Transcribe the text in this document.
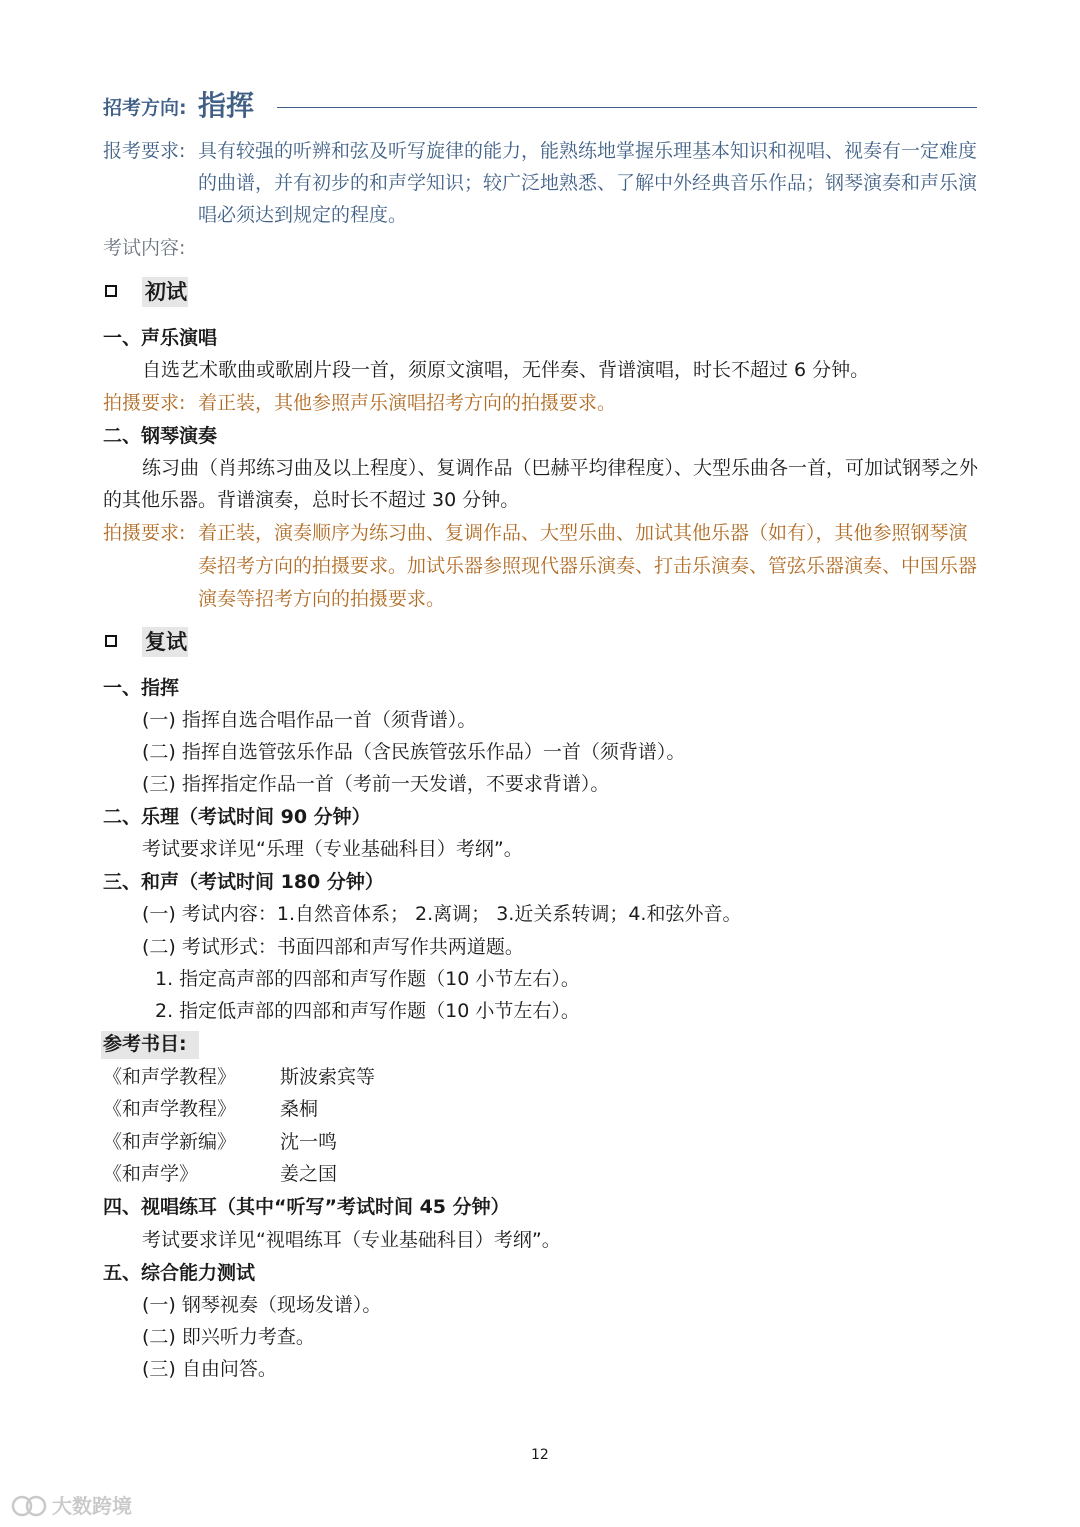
招考方向: 指挥
报考要求: 具有较强的听辨和弦及听写旋律的能力，能熟练地掌握乐理基本知识和视唱、视奏有一定难度
的曲谱，并有初步的和声学知识；较广泛地熟悉、了解中外经典音乐作品；钢琴演奏和声乐演
唱必须达到规定的程度。
考试内容:
初试
一、声乐演唱
自选艺术歌曲或歌剧片段一首，须原文演唱，无伴奏、背谱演唱，时长不超过 6 分钟。
拍摄要求: 着正装，其他参照声乐演唱招考方向的拍摄要求。
二、钢琴演奏
练习曲（肖邦练习曲及以上程度）、复调作品（巴赫平均律程度）、大型乐曲各一首，可加试钢琴之外
的其他乐器。背谱演奏，总时长不超过 30 分钟。
拍摄要求: 着正装，演奏顺序为练习曲、复调作品、大型乐曲、加试其他乐器（如有），其他参照钢琴演
奏招考方向的拍摄要求。加试乐器参照现代器乐演奏、打击乐演奏、管弦乐器演奏、中国乐器
演奏等招考方向的拍摄要求。
复试
一、指挥
(一) 指挥自选合唱作品一首（须背谱）。
(二) 指挥自选管弦乐作品（含民族管弦乐作品）一首（须背谱）。
(三) 指挥指定作品一首（考前一天发谱，不要求背谱）。
二、乐理（考试时间 90 分钟）
考试要求详见“乐理（专业基础科目）考纲”。
三、和声（考试时间 180 分钟）
(一) 考试内容：1.自然音体系； 2.离调； 3.近关系转调；4.和弦外音。
(二) 考试形式：书面四部和声写作共两道题。
1. 指定高声部的四部和声写作题（10 小节左右）。
2. 指定低声部的四部和声写作题（10 小节左右）。
参考书目:
《和声学教程》 斯波索宾等
《和声学教程》 桑桐
《和声学新编》 沈一鸣
《和声学》	姜之国
四、视唱练耳（其中“听写”考试时间 45 分钟）
考试要求详见“视唱练耳（专业基础科目）考纲”。
五、综合能力测试
(一) 钢琴视奏（现场发谱）。
(二) 即兴听力考查。
(三) 自由问答。
12
大数跨境
